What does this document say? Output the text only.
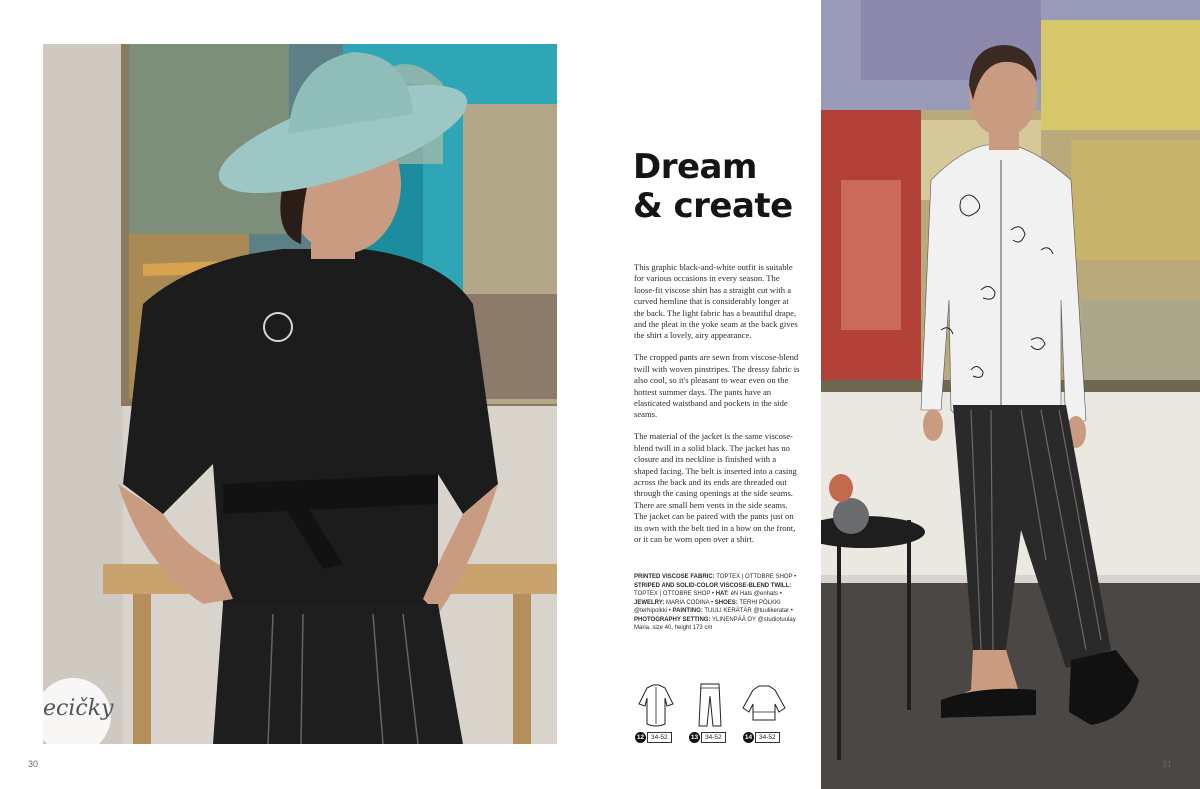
ecičky
30
Dream
& create

This graphic black-and-white outfit is suitable for various occasions in every season. The loose-fit viscose shirt has a straight cut with a curved hemline that is considerably longer at the back. The light fabric has a beautiful drape, and the pleat in the yoke seam at the back gives the shirt a lovely, airy appearance.

The cropped pants are sewn from viscose-blend twill with woven pinstripes. The dressy fabric is also cool, so it's pleasant to wear even on the hottest summer days. The pants have an elasticated waistband and pockets in the side seams.

The material of the jacket is the same viscose-blend twill in a solid black. The jacket has no closure and its neckline is finished with a shaped facing. The belt is inserted into a casing across the back and its ends are threaded out through the casing openings at the side seams. There are small hem vents in the side seams. The jacket can be paired with the pants just on its own with the belt tied in a bow on the front, or it can be worn open over a shirt.

PRINTED VISCOSE FABRIC: TOPTEX | OTTOBRE SHOP • STRIPED AND SOLID-COLOR VISCOSE-BLEND TWILL: TOPTEX | OTTOBRE SHOP • HAT: éN Hats @enhats •
JEWELRY: MARIA CODINA • SHOES: TERHI PÖLKKI
@terhipolkki • PAINTING: TUULI KERÄTÄR @tuulikeratar •
PHOTOGRAPHY SETTING: YLINENPÄÄ OY @studiotuulay
Maria, size 40, height 173 cm
12	34-52	13	34-52	14	34-52
31
